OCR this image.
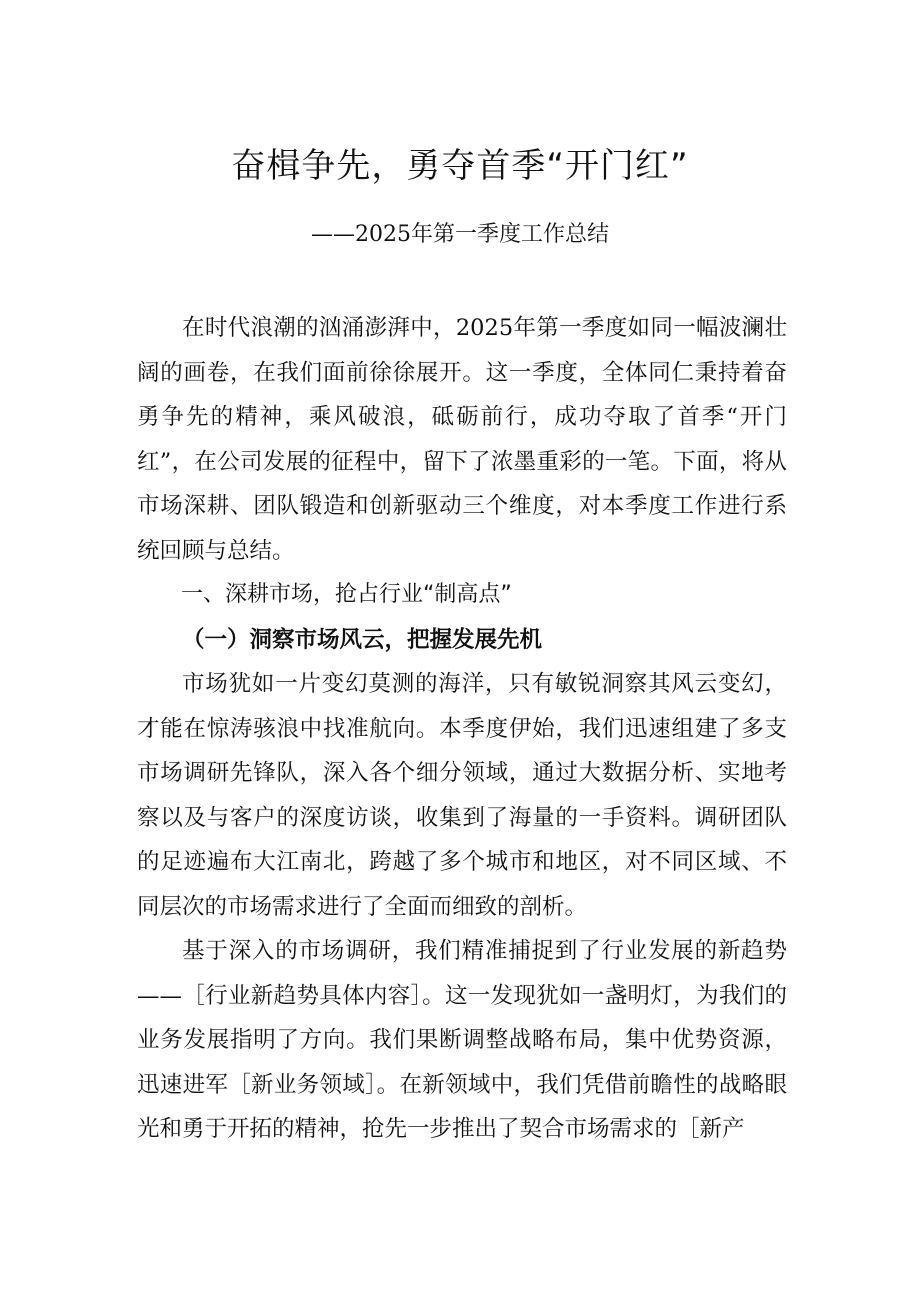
奋楫争先，勇夺首季“开门红”
——2025年第一季度工作总结

在时代浪潮的汹涌澎湃中，2025年第一季度如同一幅波澜壮阔的画卷，在我们面前徐徐展开。这一季度，全体同仁秉持着奋勇争先的精神，乘风破浪，砥砺前行，成功夺取了首季“开门红”，在公司发展的征程中，留下了浓墨重彩的一笔。下面，将从市场深耕、团队锻造和创新驱动三个维度，对本季度工作进行系统回顾与总结。

一、深耕市场，抢占行业“制高点”

（一）洞察市场风云，把握发展先机

市场犹如一片变幻莫测的海洋，只有敏锐洞察其风云变幻，才能在惊涛骇浪中找准航向。本季度伊始，我们迅速组建了多支市场调研先锋队，深入各个细分领域，通过大数据分析、实地考察以及与客户的深度访谈，收集到了海量的一手资料。调研团队的足迹遍布大江南北，跨越了多个城市和地区，对不同区域、不同层次的市场需求进行了全面而细致的剖析。

基于深入的市场调研，我们精准捕捉到了行业发展的新趋势——［行业新趋势具体内容］。这一发现犹如一盏明灯，为我们的业务发展指明了方向。我们果断调整战略布局，集中优势资源，迅速进军［新业务领域］。在新领域中，我们凭借前瞻性的战略眼光和勇于开拓的精神，抢先一步推出了契合市场需求的［新产
